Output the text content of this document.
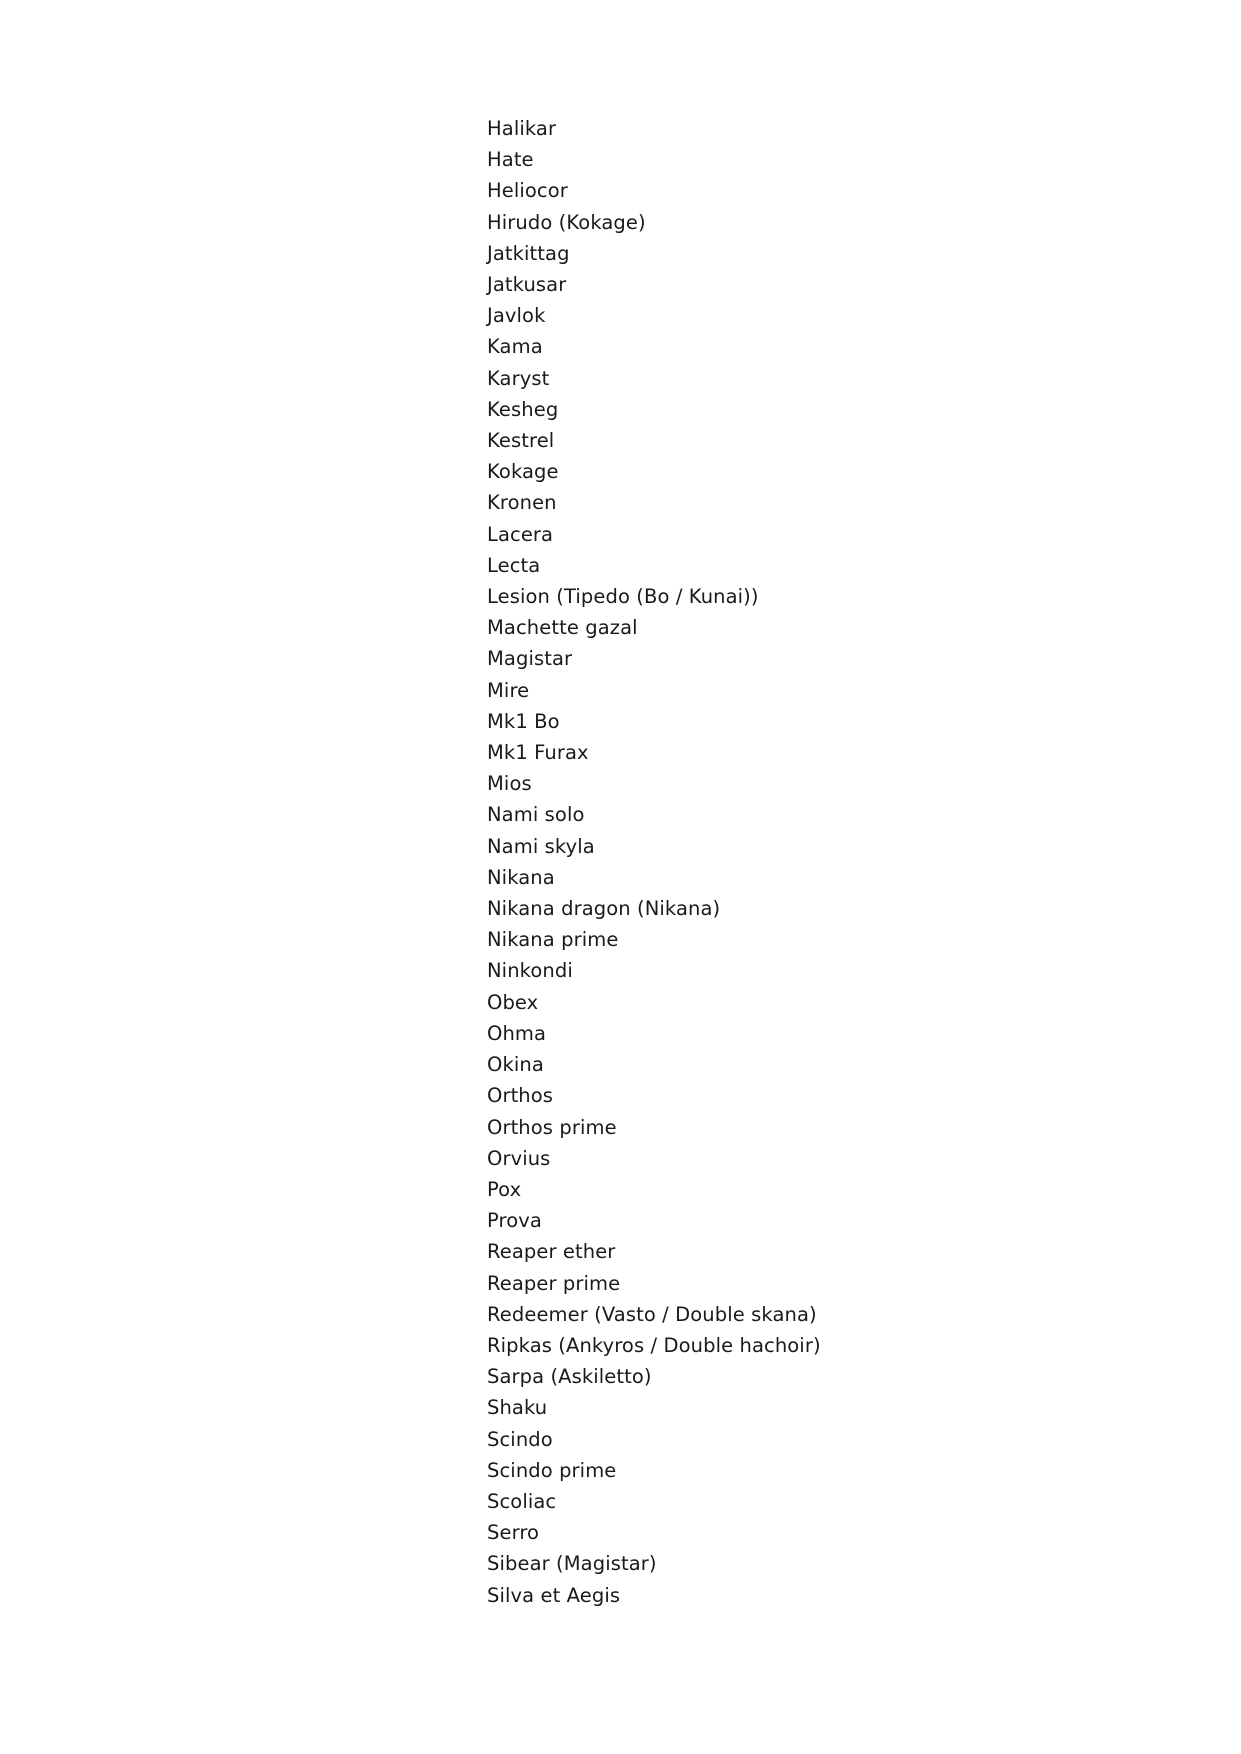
Halikar
Hate
Heliocor
Hirudo (Kokage)
Jatkittag
Jatkusar
Javlok
Kama
Karyst
Kesheg
Kestrel
Kokage
Kronen
Lacera
Lecta
Lesion (Tipedo (Bo / Kunai))
Machette gazal
Magistar
Mire
Mk1 Bo
Mk1 Furax
Mios
Nami solo
Nami skyla
Nikana
Nikana dragon (Nikana)
Nikana prime
Ninkondi
Obex
Ohma
Okina
Orthos
Orthos prime
Orvius
Pox
Prova
Reaper ether
Reaper prime
Redeemer (Vasto / Double skana)
Ripkas (Ankyros / Double hachoir)
Sarpa (Askiletto)
Shaku
Scindo
Scindo prime
Scoliac
Serro
Sibear (Magistar)
Silva et Aegis
